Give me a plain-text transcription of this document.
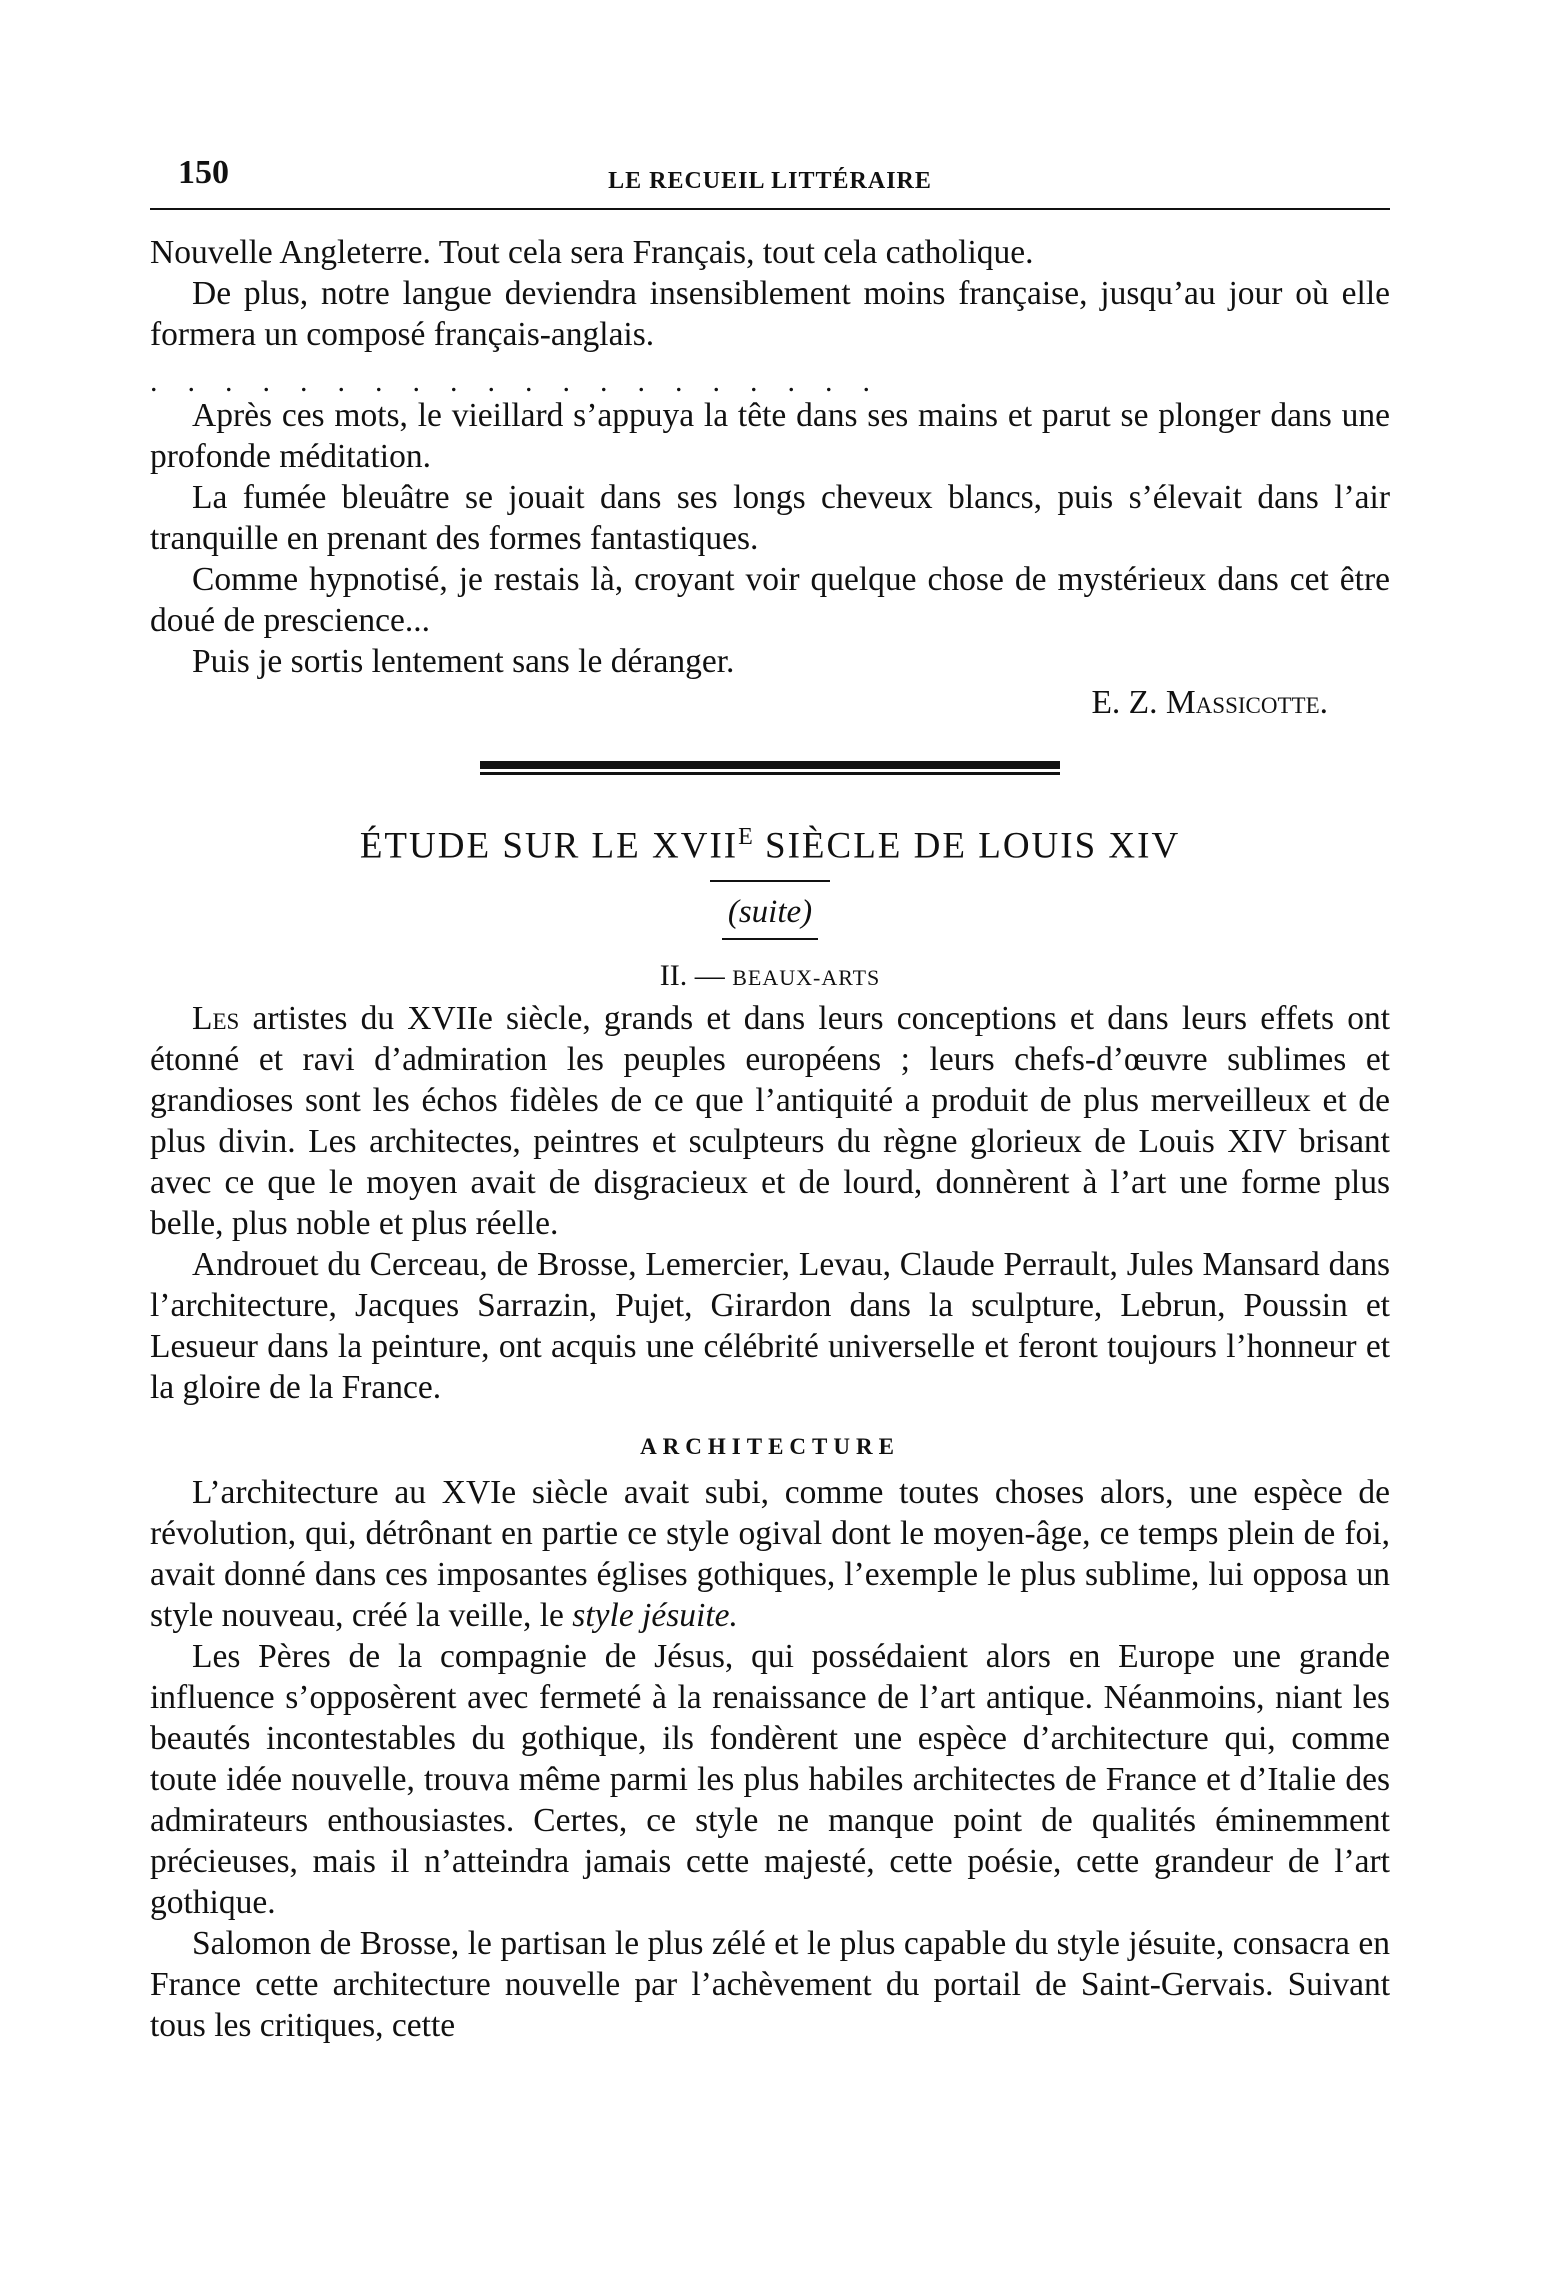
150	LE RECUEIL LITTÉRAIRE

Nouvelle Angleterre. Tout cela sera Français, tout cela catholique.

De plus, notre langue deviendra insensiblement moins française, jusqu’au jour où elle formera un composé français-anglais.

....................

Après ces mots, le vieillard s’appuya la tête dans ses mains et parut se plonger dans une profonde méditation.

La fumée bleuâtre se jouait dans ses longs cheveux blancs, puis s’élevait dans l’air tranquille en prenant des formes fantastiques.

Comme hypnotisé, je restais là, croyant voir quelque chose de mystérieux dans cet être doué de prescience...

Puis je sortis lentement sans le déranger.

E. Z. Massicotte.
ÉTUDE SUR LE $XVII^E$ SIÈCLE DE LOUIS XIV
(suite)
II. — BEAUX-ARTS

Les artistes du XVIIe siècle, grands et dans leurs conceptions et dans leurs effets ont étonné et ravi d’admiration les peuples européens ; leurs chefs-d’œuvre sublimes et grandioses sont les échos fidèles de ce que l’antiquité a produit de plus merveilleux et de plus divin. Les architectes, peintres et sculpteurs du règne glorieux de Louis XIV brisant avec ce que le moyen avait de disgracieux et de lourd, donnèrent à l’art une forme plus belle, plus noble et plus réelle.

Androuet du Cerceau, de Brosse, Lemercier, Levau, Claude Perrault, Jules Mansard dans l’architecture, Jacques Sarrazin, Pujet, Girardon dans la sculpture, Lebrun, Poussin et Lesueur dans la peinture, ont acquis une célébrité universelle et feront toujours l’honneur et la gloire de la France.

ARCHITECTURE

L’architecture au XVIe siècle avait subi, comme toutes choses alors, une espèce de révolution, qui, détrônant en partie ce style ogival dont le moyen-âge, ce temps plein de foi, avait donné dans ces imposantes églises gothiques, l’exemple le plus sublime, lui opposa un style nouveau, créé la veille, le style jésuite.

Les Pères de la compagnie de Jésus, qui possédaient alors en Europe une grande influence s’opposèrent avec fermeté à la renaissance de l’art antique. Néanmoins, niant les beautés incontestables du gothique, ils fondèrent une espèce d’architecture qui, comme toute idée nouvelle, trouva même parmi les plus habiles architectes de France et d’Italie des admirateurs enthousiastes. Certes, ce style ne manque point de qualités éminemment précieuses, mais il n’atteindra jamais cette majesté, cette poésie, cette grandeur de l’art gothique.

Salomon de Brosse, le partisan le plus zélé et le plus capable du style jésuite, consacra en France cette architecture nouvelle par l’achèvement du portail de Saint-Gervais. Suivant tous les critiques, cette
